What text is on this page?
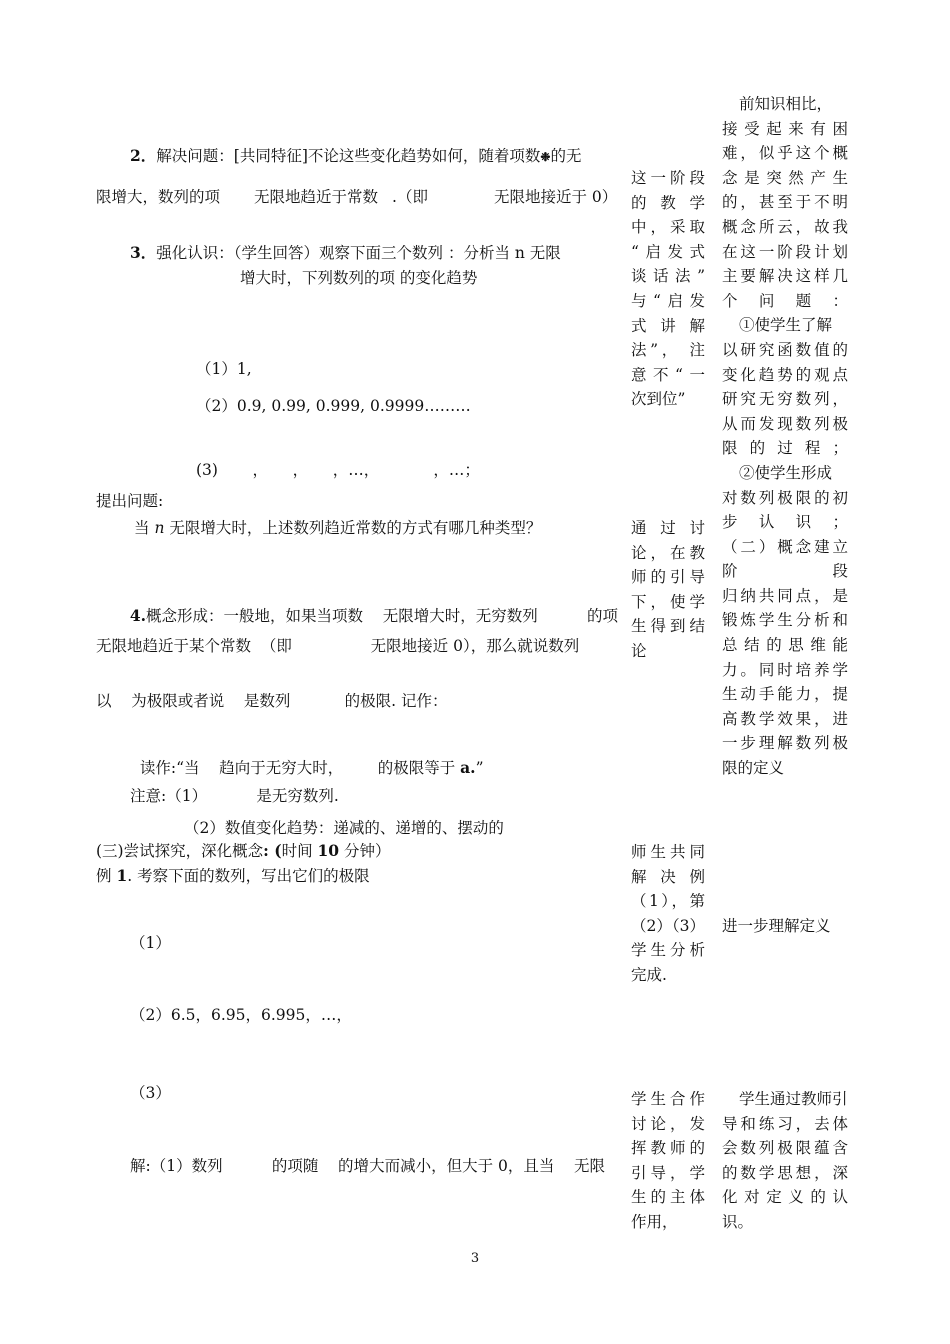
2．解决问题：[共同特征]不论这些变化趋势如何，随着项数❉的无
限增大，数列的项 无限地趋近于常数 .（即	无限地接近于 0）
3．强化认识：（学生回答）观察下面三个数列 ：分析当 n 无限
增大时，下列数列的项 的变化趋势
（1）1,
（2）0.9, 0.99, 0.999, 0.9999………
(3)       ，     ，     ，…，           ，…；
提出问题:
当 n 无限增大时，上述数列趋近常数的方式有哪几种类型？

4.概念形成：一般地，如果当项数    无限增大时，无穷数列          的项

无限地趋近于某个常数  （即                无限地接近 0），那么就说数列
以    为极限或者说    是数列           的极限. 记作：

读作:“当    趋向于无穷大时，       的极限等于 a.”

注意:（1）          是无穷数列.
（2）数值变化趋势：递减的、递增的、摆动的
(三)尝试探究，深化概念: (时间 10 分钟）
例 1. 考察下面的数列，写出它们的极限
（1）
（2）6.5，6.95，6.995，…，
（3）
解:（1）数列          的项随    的增大而减小，但大于 0，且当    无限
这一阶段
的 教 学
中，采取
“启发式
谈话法”
与“启发
式 讲 解
法”， 注
意不“一
次到位”
通 过 讨
论，在教
师的引导
下，使学
生得到结
论
师生共同
解 决 例
（1），第
（2）（3）
学生分析
完成.
学生合作
讨论，发
挥教师的
引导，学
生的主体
作用，
前知识相比，
接受起来有困
难，似乎这个概
念是突然产生
的，甚至于不明
概念所云，故我
在这一阶段计划
主要解决这样几
个问题：
①使学生了解
以研究函数值的
变化趋势的观点
研究无穷数列，
从而发现数列极
限的过程；
②使学生形成
对数列极限的初
步认识；
（二）概念建立
阶段
归纳共同点，是
锻炼学生分析和
总结的思维能
力。同时培养学
生动手能力，提
高教学效果，进
一步理解数列极
限的定义
进一步理解定义
学生通过教师引
导和练习，去体
会数列极限蕴含
的数学思想，深
化对定义的认
识。
3
